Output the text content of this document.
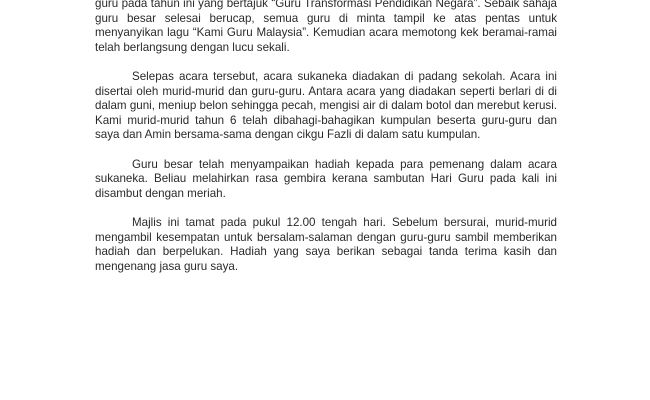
guru pada tahun ini yang bertajuk “Guru Transformasi Pendidikan Negara”. Sebaik sahaja guru besar selesai berucap, semua guru di minta tampil ke atas pentas untuk menyanyikan lagu “Kami Guru Malaysia”. Kemudian acara memotong kek beramai-ramai telah berlangsung dengan lucu sekali.

Selepas acara tersebut, acara sukaneka diadakan di padang sekolah. Acara ini disertai oleh murid-murid dan guru-guru. Antara acara yang diadakan seperti berlari di di dalam guni, meniup belon sehingga pecah, mengisi air di dalam botol dan merebut kerusi. Kami murid-murid tahun 6 telah dibahagi-bahagikan kumpulan beserta guru-guru dan saya dan Amin bersama-sama dengan cikgu Fazli di dalam satu kumpulan.

Guru besar telah menyampaikan hadiah kepada para pemenang dalam acara sukaneka. Beliau melahirkan rasa gembira kerana sambutan Hari Guru pada kali ini disambut dengan meriah.

Majlis ini tamat pada pukul 12.00 tengah hari. Sebelum bersurai, murid-murid mengambil kesempatan untuk bersalam-salaman dengan guru-guru sambil memberikan hadiah dan berpelukan. Hadiah yang saya berikan sebagai tanda terima kasih dan mengenang jasa guru saya.
